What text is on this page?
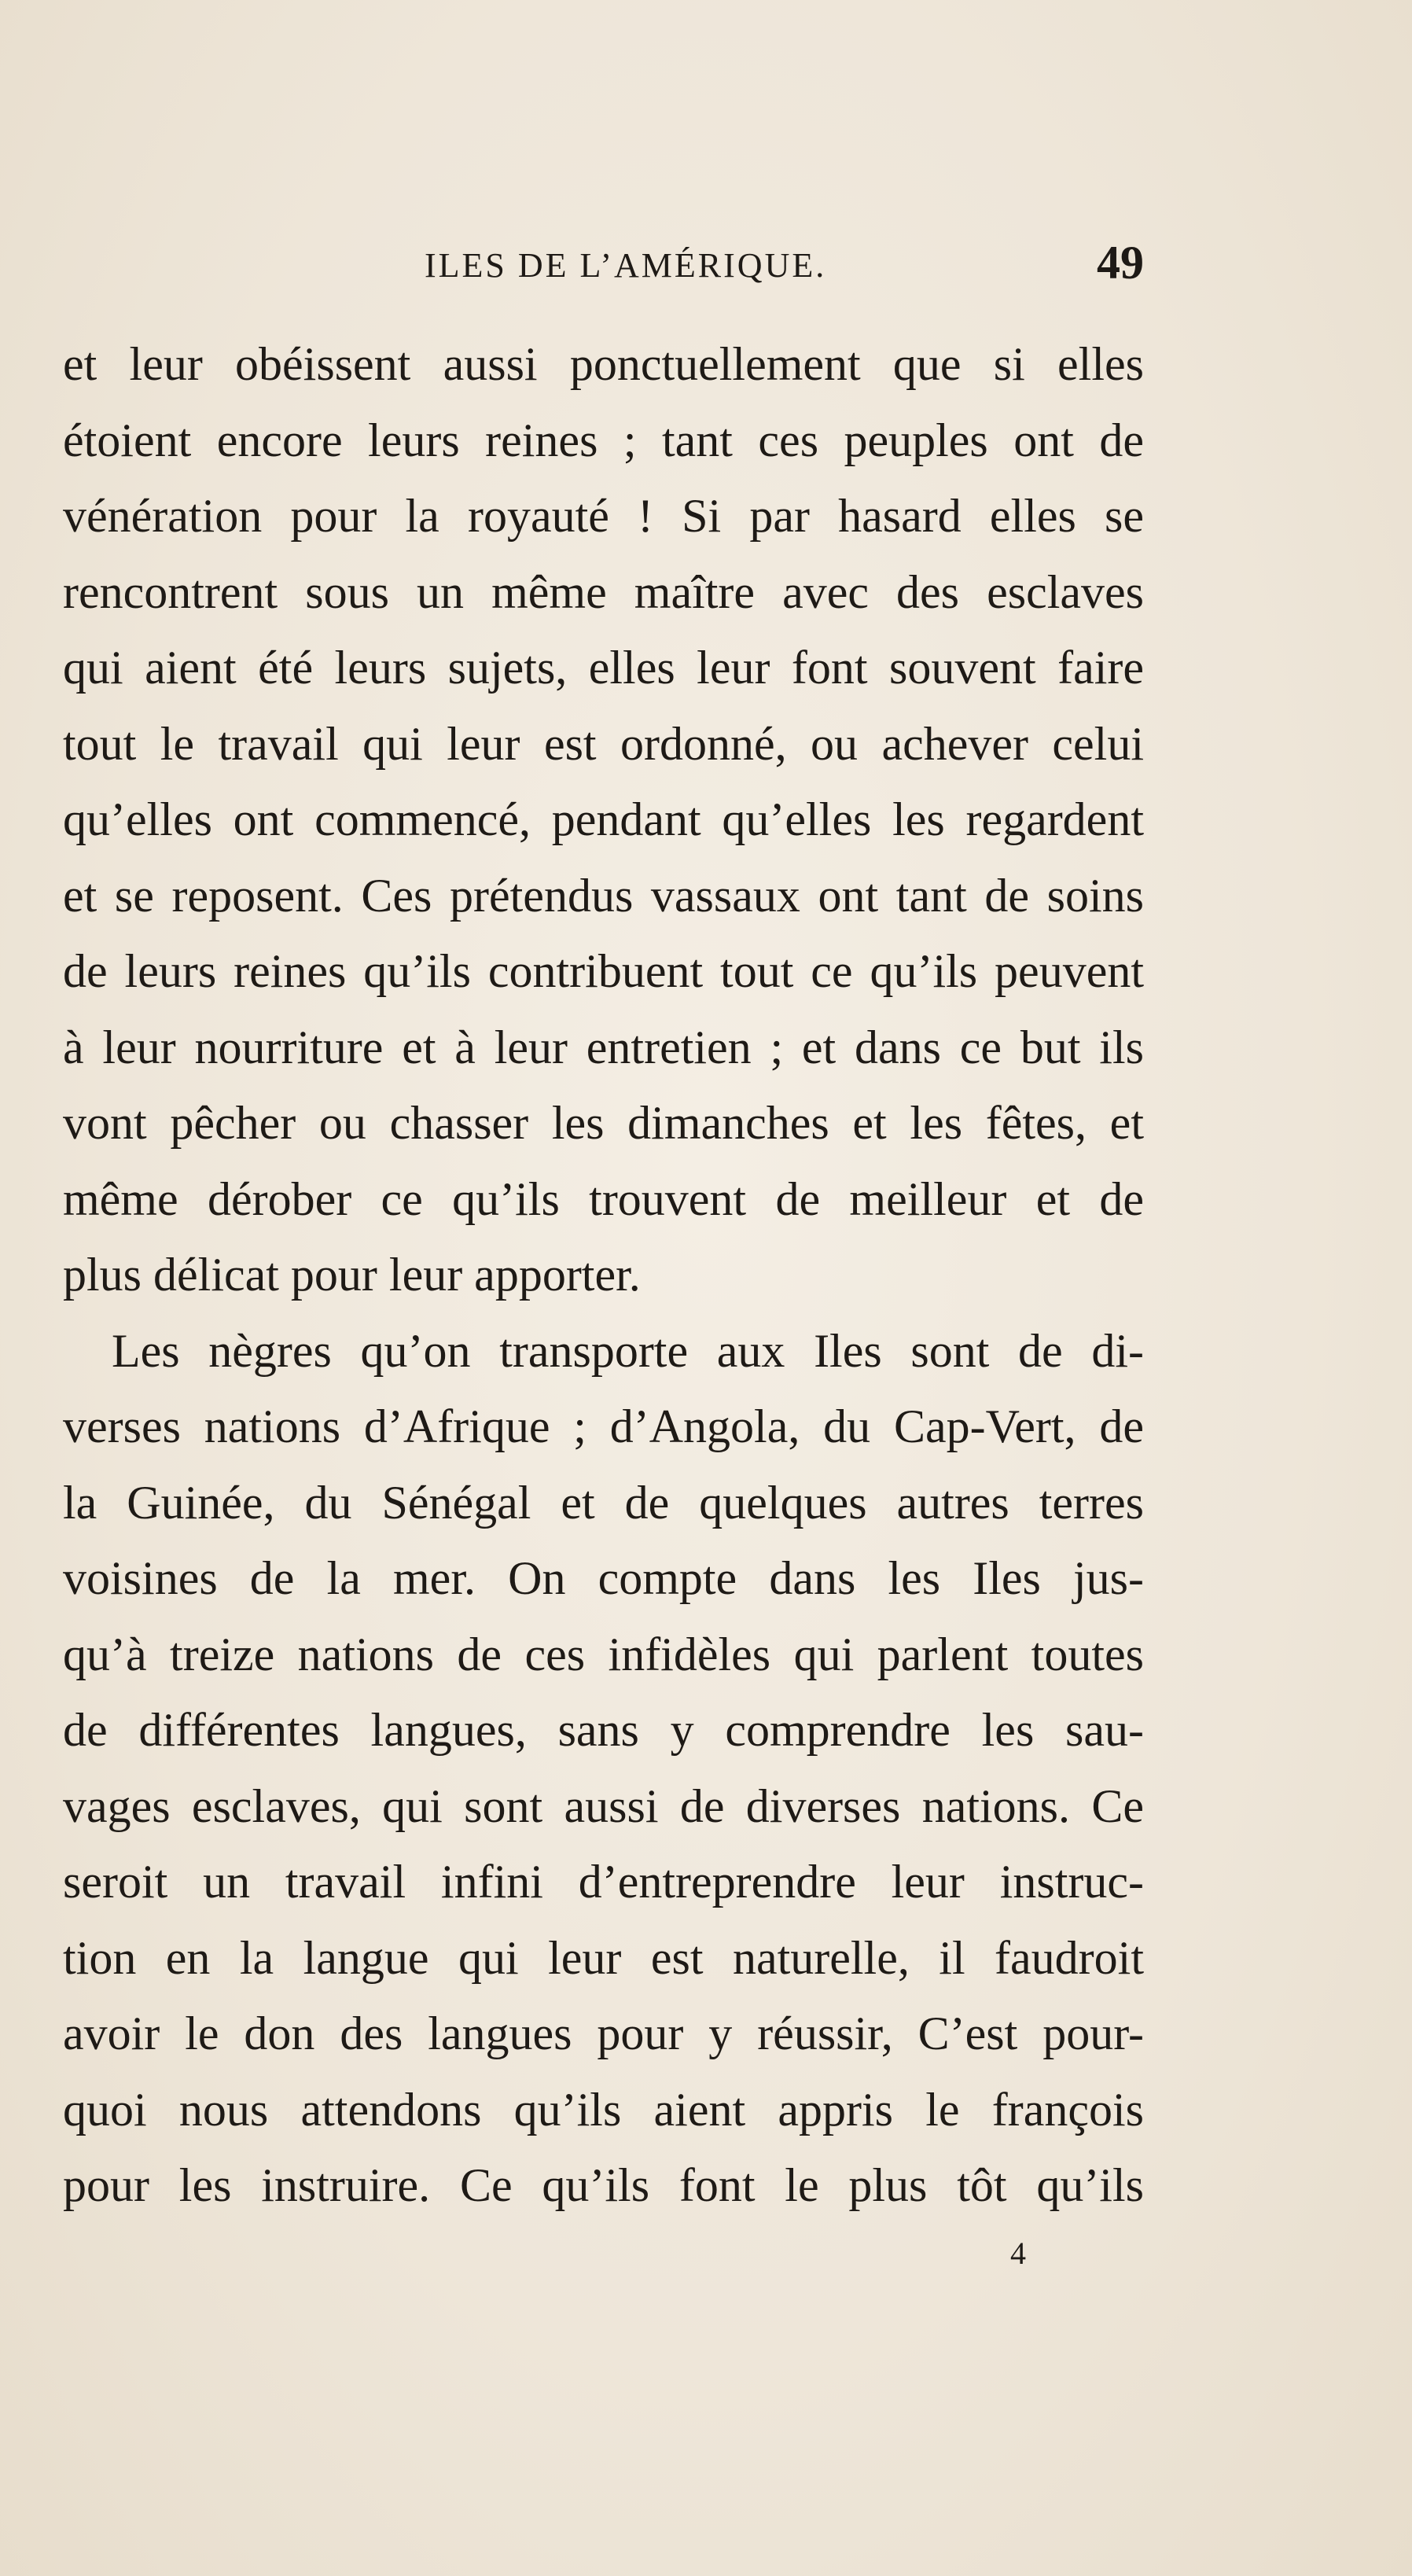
ILES DE L’AMÉRIQUE.	49
et leur obéissent aussi ponctuellement que si elles
étoient encore leurs reines ; tant ces peuples ont de
vénération pour la royauté ! Si par hasard elles se
rencontrent sous un même maître avec des esclaves
qui aient été leurs sujets, elles leur font souvent faire
tout le travail qui leur est ordonné, ou achever celui
qu’elles ont commencé, pendant qu’elles les regardent
et se reposent. Ces prétendus vassaux ont tant de soins
de leurs reines qu’ils contribuent tout ce qu’ils peuvent
à leur nourriture et à leur entretien ; et dans ce but ils
vont pêcher ou chasser les dimanches et les fêtes, et
même dérober ce qu’ils trouvent de meilleur et de
plus délicat pour leur apporter.
Les nègres qu’on transporte aux Iles sont de di-
verses nations d’Afrique ; d’Angola, du Cap-Vert, de
la Guinée, du Sénégal et de quelques autres terres
voisines de la mer. On compte dans les Iles jus-
qu’à treize nations de ces infidèles qui parlent toutes
de différentes langues, sans y comprendre les sau-
vages esclaves, qui sont aussi de diverses nations. Ce
seroit un travail infini d’entreprendre leur instruc-
tion en la langue qui leur est naturelle, il faudroit
avoir le don des langues pour y réussir, C’est pour-
quoi nous attendons qu’ils aient appris le françois
pour les instruire. Ce qu’ils font le plus tôt qu’ils
4
